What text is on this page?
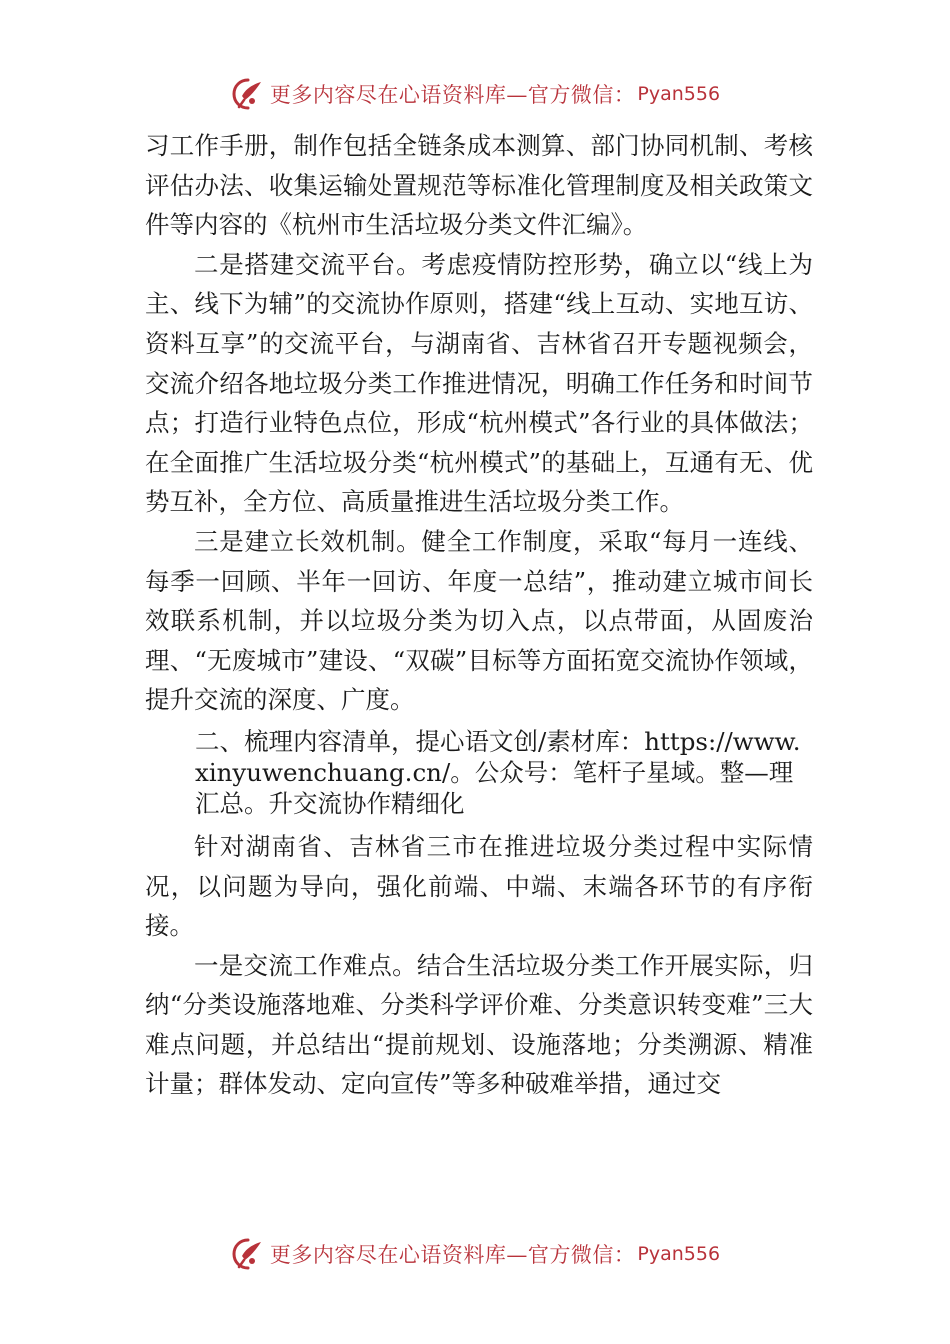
更多内容尽在心语资料库—官方微信： Pyan556

习工作手册，制作包括全链条成本测算、部门协同机制、考核评估办法、收集运输处置规范等标准化管理制度及相关政策文件等内容的《杭州市生活垃圾分类文件汇编》。

二是搭建交流平台。考虑疫情防控形势，确立以“线上为主、线下为辅”的交流协作原则，搭建“线上互动、实地互访、资料互享”的交流平台，与湖南省、吉林省召开专题视频会，交流介绍各地垃圾分类工作推进情况，明确工作任务和时间节点；打造行业特色点位，形成“杭州模式”各行业的具体做法；在全面推广生活垃圾分类“杭州模式”的基础上，互通有无、优势互补，全方位、高质量推进生活垃圾分类工作。

三是建立长效机制。健全工作制度，采取“每月一连线、每季一回顾、半年一回访、年度一总结”，推动建立城市间长效联系机制，并以垃圾分类为切入点，以点带面，从固废治理、“无废城市”建设、“双碳”目标等方面拓宽交流协作领域，提升交流的深度、广度。

二、梳理内容清单，提心语文创/素材库：https://www.xinyuwenchuang.cn/。公众号：笔杆子星域。整—理汇总。升交流协作精细化

针对湖南省、吉林省三市在推进垃圾分类过程中实际情况，以问题为导向，强化前端、中端、末端各环节的有序衔接。

一是交流工作难点。结合生活垃圾分类工作开展实际，归纳“分类设施落地难、分类科学评价难、分类意识转变难”三大难点问题，并总结出“提前规划、设施落地；分类溯源、精准计量；群体发动、定向宣传”等多种破难举措，通过交

更多内容尽在心语资料库—官方微信： Pyan556
